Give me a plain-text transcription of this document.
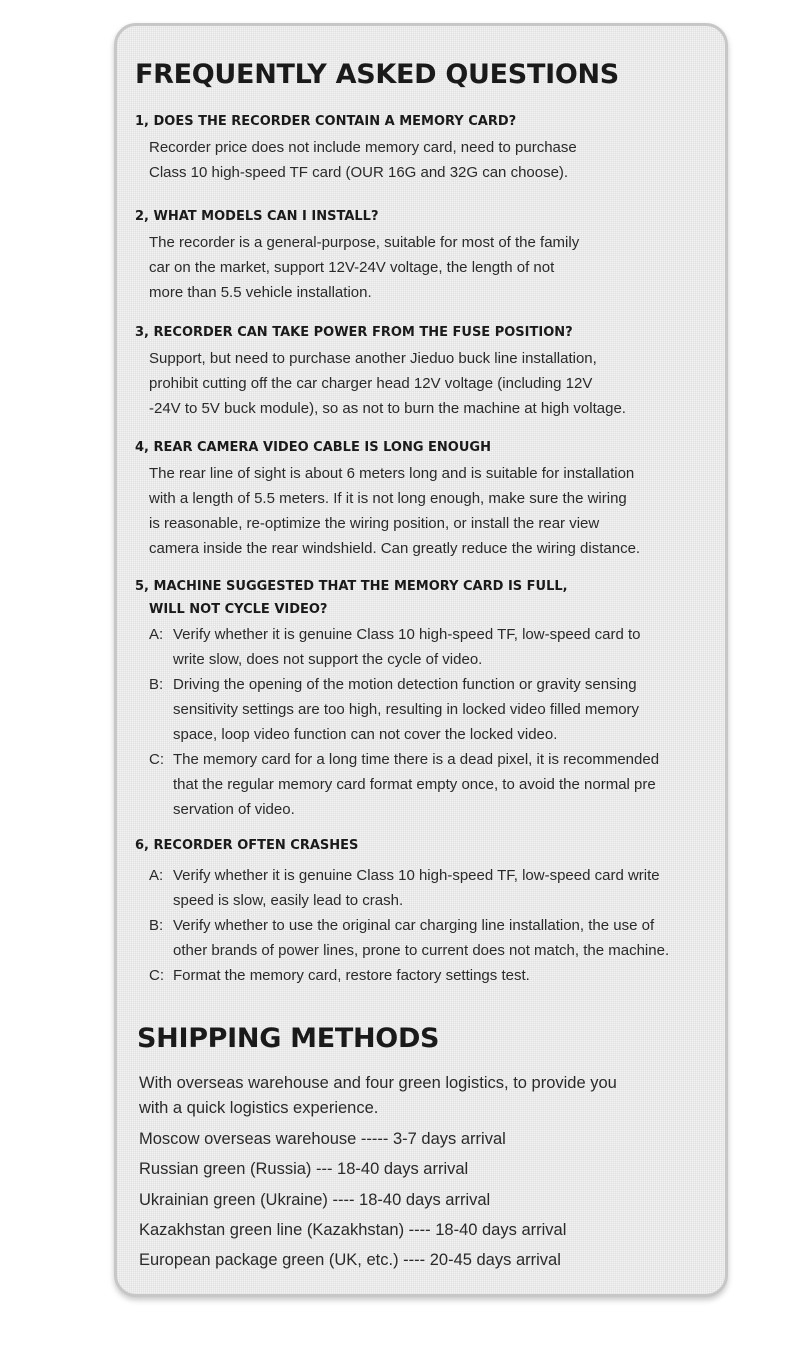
FREQUENTLY ASKED QUESTIONS
1, DOES THE RECORDER CONTAIN A MEMORY CARD?
Recorder price does not include memory card, need to purchase
Class 10 high-speed TF card (OUR 16G and 32G can choose).
2, WHAT MODELS CAN I INSTALL?
The recorder is a general-purpose, suitable for most of the family
car on the market, support 12V-24V voltage, the length of not
more than 5.5 vehicle installation.
3, RECORDER CAN TAKE POWER FROM THE FUSE POSITION?
Support, but need to purchase another Jieduo buck line installation,
prohibit cutting off the car charger head 12V voltage (including 12V
-24V to 5V buck module), so as not to burn the machine at high voltage.
4, REAR CAMERA VIDEO CABLE IS LONG ENOUGH
The rear line of sight is about 6 meters long and is suitable for installation
with a length of 5.5 meters. If it is not long enough, make sure the wiring
is reasonable, re-optimize the wiring position, or install the rear view
camera inside the rear windshield. Can greatly reduce the wiring distance.
5, MACHINE SUGGESTED THAT THE MEMORY CARD IS FULL,
WILL NOT CYCLE VIDEO?
A: Verify whether it is genuine Class 10 high-speed TF, low-speed card to
write slow, does not support the cycle of video.
B: Driving the opening of the motion detection function or gravity sensing
sensitivity settings are too high, resulting in locked video filled memory
space, loop video function can not cover the locked video.
C: The memory card for a long time there is a dead pixel, it is recommended
that the regular memory card format empty once, to avoid the normal pre
servation of video.
6, RECORDER OFTEN CRASHES
A: Verify whether it is genuine Class 10 high-speed TF, low-speed card write
speed is slow, easily lead to crash.
B: Verify whether to use the original car charging line installation, the use of
other brands of power lines, prone to current does not match, the machine.
C: Format the memory card, restore factory settings test.
SHIPPING METHODS
With overseas warehouse and four green logistics, to provide you
with a quick logistics experience.
Moscow overseas warehouse ----- 3-7 days arrival
Russian green (Russia) --- 18-40 days arrival
Ukrainian green (Ukraine) ---- 18-40 days arrival
Kazakhstan green line (Kazakhstan) ---- 18-40 days arrival
European package green (UK, etc.) ---- 20-45 days arrival
